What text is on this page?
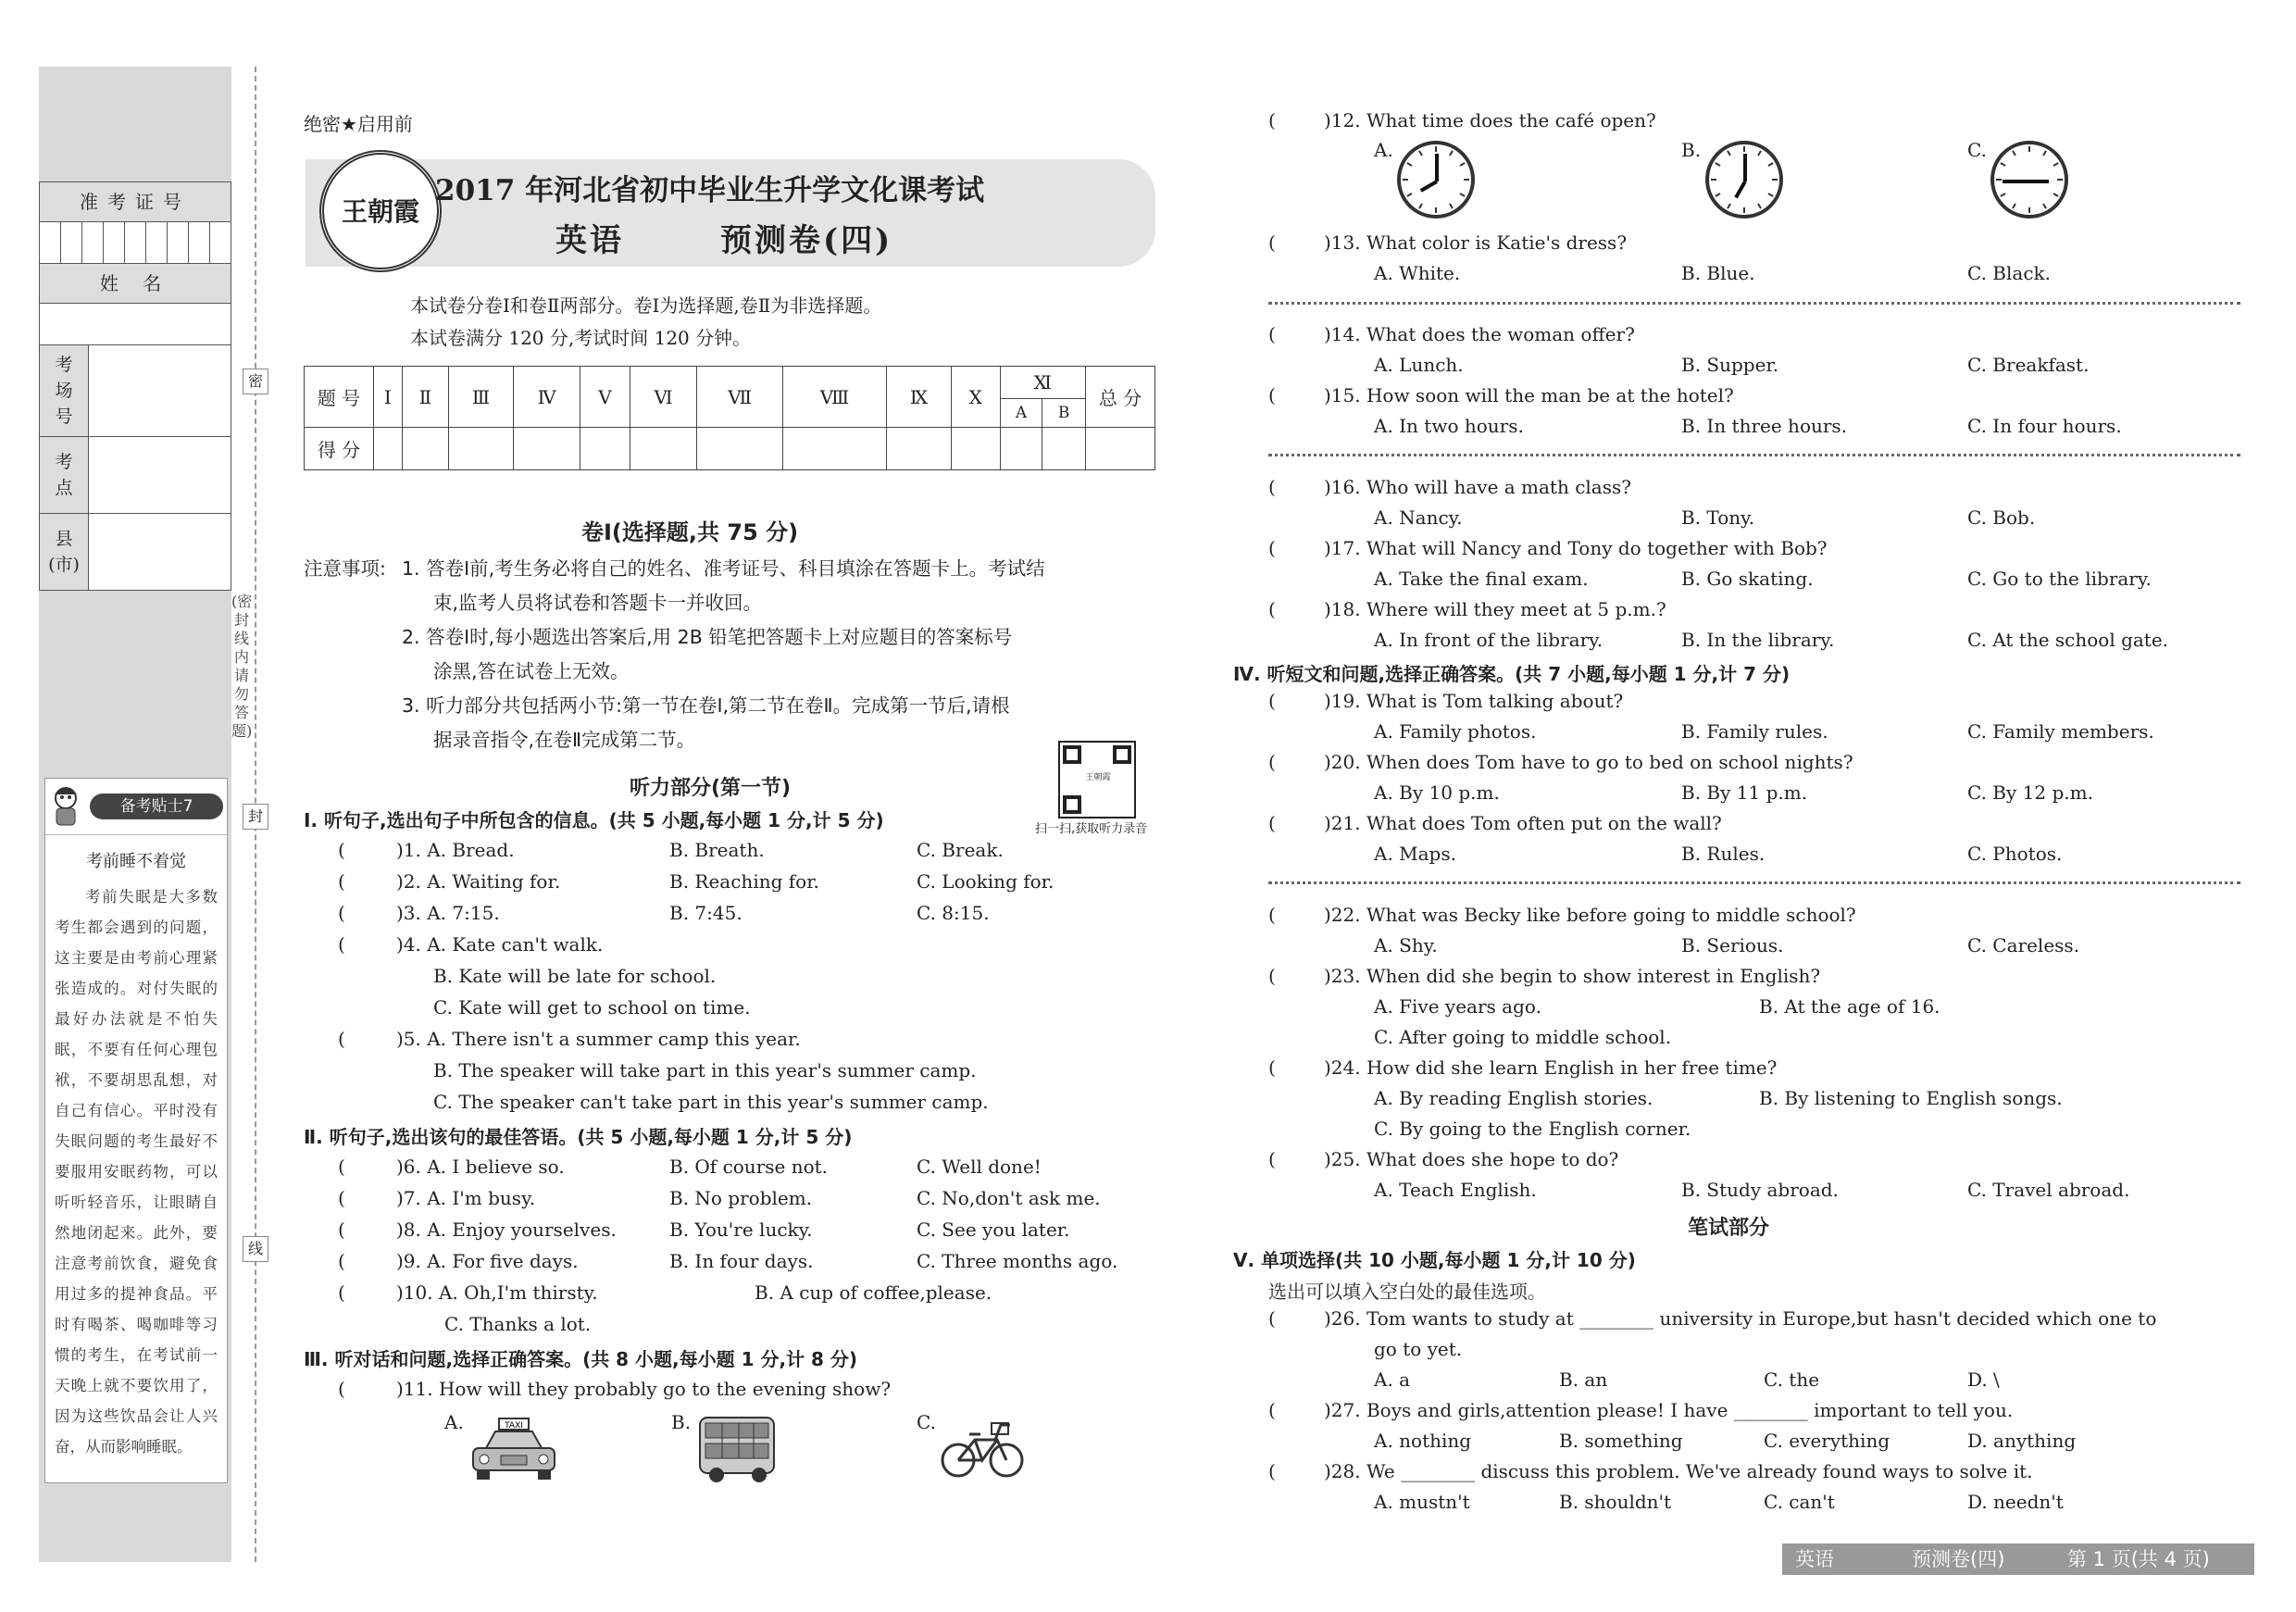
准考证号
姓 名
考
场
号
考
点
县
(市)
密
封
线
(密封线内请勿答题)
备考贴士7
考前睡不着觉
考前失眠是大多数考生都会遇到的问题，这主要是由考前心理紧张造成的。对付失眠的最好办法就是不怕失眠，不要有任何心理包袱，不要胡思乱想，对自己有信心。平时没有失眠问题的考生最好不要服用安眠药物，可以听听轻音乐，让眼睛自然地闭起来。此外，要注意考前饮食，避免食用过多的提神食品。平时有喝茶、喝咖啡等习惯的考生，在考试前一天晚上就不要饮用了，因为这些饮品会让人兴奋，从而影响睡眠。
绝密★启用前
王朝霞
2017 年河北省初中毕业生升学文化课考试
英语	预测卷(四)
本试卷分卷Ⅰ和卷Ⅱ两部分。卷Ⅰ为选择题,卷Ⅱ为非选择题。
本试卷满分 120 分,考试时间 120 分钟。
题 号	Ⅰ	Ⅱ	Ⅲ	Ⅳ	Ⅴ	Ⅵ	Ⅶ	Ⅷ	Ⅸ	Ⅹ	Ⅺ		总 分
											A	B	
得 分													
卷Ⅰ(选择题,共 75 分)
注意事项: 1. 答卷Ⅰ前,考生务必将自己的姓名、准考证号、科目填涂在答题卡上。考试结
束,监考人员将试卷和答题卡一并收回。
2. 答卷Ⅰ时,每小题选出答案后,用 2B 铅笔把答题卡上对应题目的答案标号
涂黑,答在试卷上无效。
3. 听力部分共包括两小节:第一节在卷Ⅰ,第二节在卷Ⅱ。完成第一节后,请根
据录音指令,在卷Ⅱ完成第二节。
听力部分(第一节)	王朝霞
扫一扫,获取听力录音
Ⅰ. 听句子,选出句子中所包含的信息。(共 5 小题,每小题 1 分,计 5 分)
(	)1. A. Bread.	B. Breath.	C. Break.
(	)2. A. Waiting for.	B. Reaching for.	C. Looking for.
(	)3. A. 7:15.	B. 7:45.	C. 8:15.
(	)4. A. Kate can't walk.
B. Kate will be late for school.
C. Kate will get to school on time.
(	)5. A. There isn't a summer camp this year.
B. The speaker will take part in this year's summer camp.
C. The speaker can't take part in this year's summer camp.
Ⅱ. 听句子,选出该句的最佳答语。(共 5 小题,每小题 1 分,计 5 分)
(	)6. A. I believe so.	B. Of course not.	C. Well done!
(	)7. A. I'm busy.	B. No problem.	C. No,don't ask me.
(	)8. A. Enjoy yourselves.	B. You're lucky.	C. See you later.
(	)9. A. For five days.	B. In four days.	C. Three months ago.
(	)10. A. Oh,I'm thirsty.	B. A cup of coffee,please.
C. Thanks a lot.
Ⅲ. 听对话和问题,选择正确答案。(共 8 小题,每小题 1 分,计 8 分)
(	)11. How will they probably go to the evening show?
A.	B.	C.
TAXI
(	)12. What time does the café open?
A.	B.	C.
(	)13. What color is Katie's dress?
A. White.	B. Blue.	C. Black.
(	)14. What does the woman offer?
A. Lunch.	B. Supper.	C. Breakfast.
(	)15. How soon will the man be at the hotel?
A. In two hours.	B. In three hours.	C. In four hours.
(	)16. Who will have a math class?
A. Nancy.	B. Tony.	C. Bob.
(	)17. What will Nancy and Tony do together with Bob?
A. Take the final exam.	B. Go skating.	C. Go to the library.
(	)18. Where will they meet at 5 p.m.?
A. In front of the library.	B. In the library.	C. At the school gate.
Ⅳ. 听短文和问题,选择正确答案。(共 7 小题,每小题 1 分,计 7 分)
(	)19. What is Tom talking about?
A. Family photos.	B. Family rules.	C. Family members.
(	)20. When does Tom have to go to bed on school nights?
A. By 10 p.m.	B. By 11 p.m.	C. By 12 p.m.
(	)21. What does Tom often put on the wall?
A. Maps.	B. Rules.	C. Photos.
(	)22. What was Becky like before going to middle school?
A. Shy.	B. Serious.	C. Careless.
(	)23. When did she begin to show interest in English?
A. Five years ago.	B. At the age of 16.
C. After going to middle school.
(	)24. How did she learn English in her free time?
A. By reading English stories.	B. By listening to English songs.
C. By going to the English corner.
(	)25. What does she hope to do?
A. Teach English.	B. Study abroad.	C. Travel abroad.
笔试部分
Ⅴ. 单项选择(共 10 小题,每小题 1 分,计 10 分)
选出可以填入空白处的最佳选项。
(	)26. Tom wants to study at ________ university in Europe,but hasn't decided which one to
go to yet.
A. a	B. an	C. the	D. \
(	)27. Boys and girls,attention please! I have ________ important to tell you.
A. nothing	B. something	C. everything	D. anything
(	)28. We ________ discuss this problem. We've already found ways to solve it.
A. mustn't	B. shouldn't	C. can't	D. needn't
英语	预测卷(四)	第 1 页(共 4 页)
